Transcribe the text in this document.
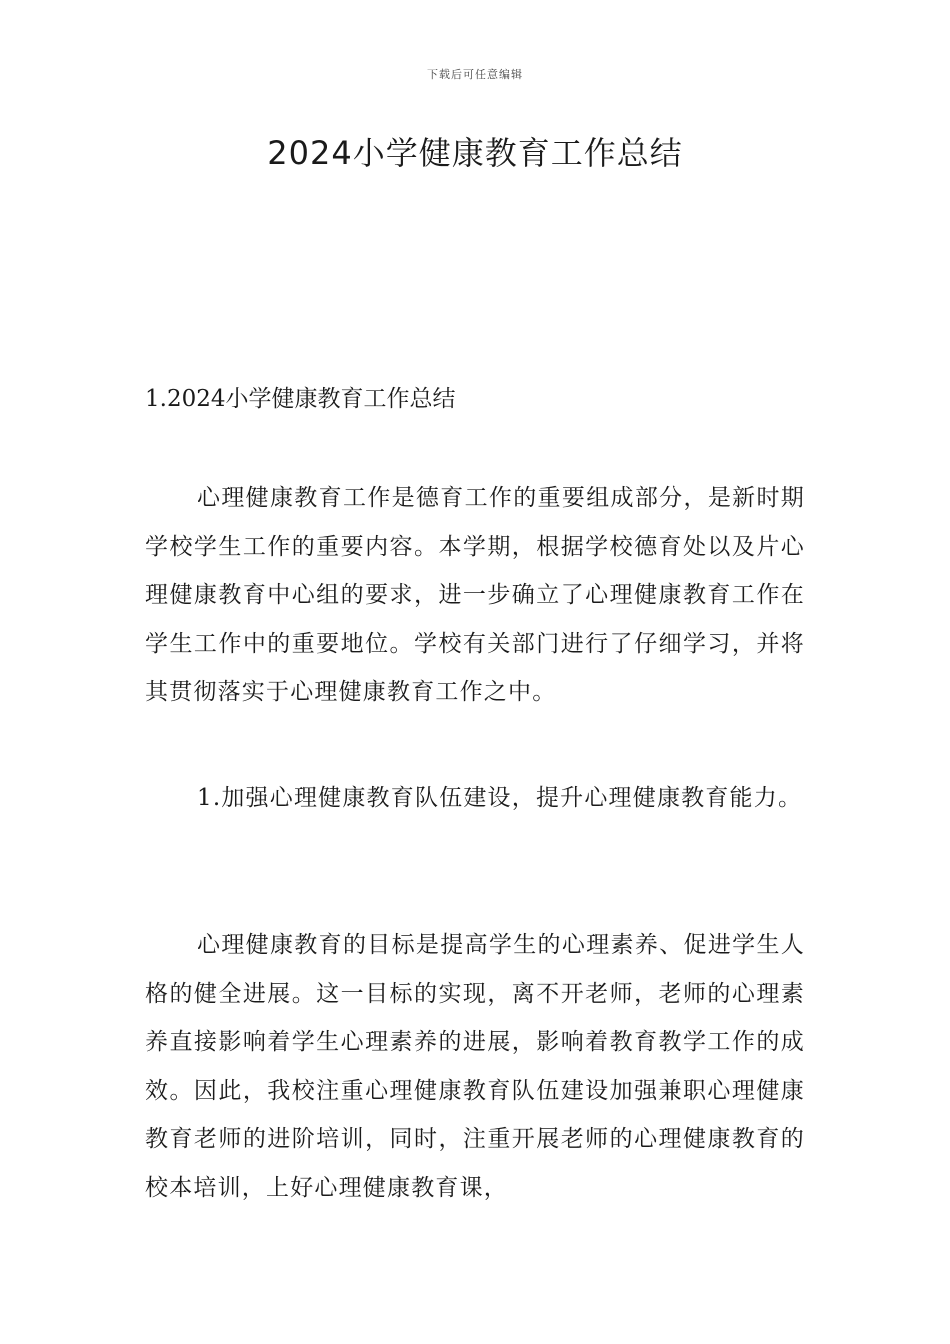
下载后可任意编辑
2024小学健康教育工作总结
1.2024小学健康教育工作总结

心理健康教育工作是德育工作的重要组成部分，是新时期学校学生工作的重要内容。本学期，根据学校德育处以及片心理健康教育中心组的要求，进一步确立了心理健康教育工作在学生工作中的重要地位。学校有关部门进行了仔细学习，并将其贯彻落实于心理健康教育工作之中。

1.加强心理健康教育队伍建设，提升心理健康教育能力。

心理健康教育的目标是提高学生的心理素养、促进学生人格的健全进展。这一目标的实现，离不开老师，老师的心理素养直接影响着学生心理素养的进展，影响着教育教学工作的成效。因此，我校注重心理健康教育队伍建设加强兼职心理健康教育老师的进阶培训，同时，注重开展老师的心理健康教育的校本培训，上好心理健康教育课，
